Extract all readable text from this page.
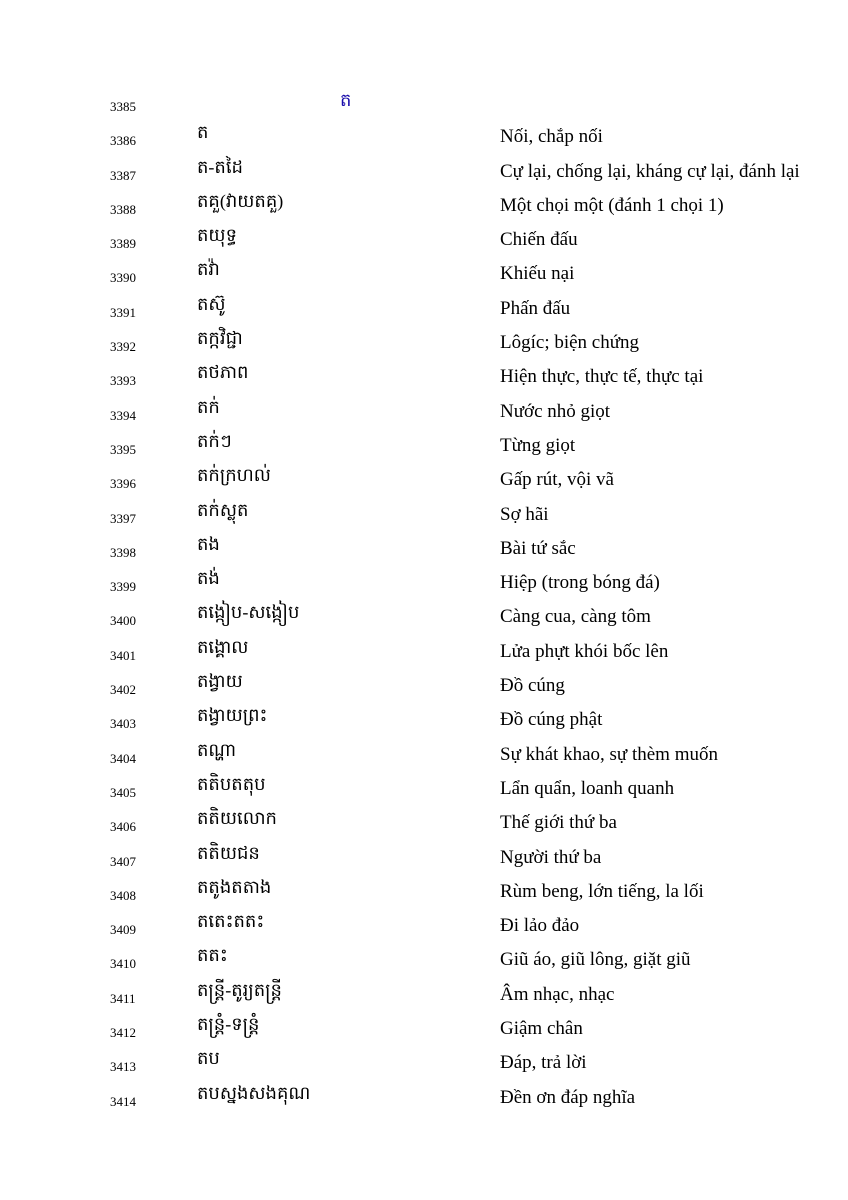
3385	ត
3386	ត	Nối, chắp nối
3387	ត-តដៃ	Cự lại, chống lại, kháng cự lại, đánh lại
3388	តគួ(វាយតគួ)	Một chọi một (đánh 1 chọi 1)
3389	តយុទ្ធ	Chiến đấu
3390	តវ៉ា	Khiếu nại
3391	តស៊ូ	Phấn đấu
3392	តក្កវិជ្ជា	Lôgíc; biện chứng
3393	តថភាព	Hiện thực, thực tế, thực tại
3394	តក់	Nước nhỏ giọt
3395	តក់ៗ	Từng giọt
3396	តក់ក្រហល់	Gấp rút, vội vã
3397	តក់ស្លុត	Sợ hãi
3398	តង	Bài tứ sắc
3399	តង់	Hiệp (trong bóng đá)
3400	តង្កៀប-សង្កៀប	Càng cua, càng tôm
3401	តង្គោល	Lửa phựt khói bốc lên
3402	តង្វាយ	Đồ cúng
3403	តង្វាយព្រះ	Đồ cúng phật
3404	តណ្ហា	Sự khát khao, sự thèm muốn
3405	តតិបតតុប	Lẩn quẩn, loanh quanh
3406	តតិយលោក	Thế giới thứ ba
3407	តតិយជន	Người thứ ba
3408	តតូងតតាង	Rùm beng, lớn tiếng, la lối
3409	តតេះតតះ	Đi lảo đảo
3410	តតះ	Giũ áo, giũ lông, giặt giũ
3411	តន្ត្រី-តូរ្យតន្ត្រី	Âm nhạc, nhạc
3412	តន្ត្រំ-ទន្ត្រំ	Giậm chân
3413	តប	Đáp, trả lời
3414	តបស្នងសងគុណ	Đền ơn đáp nghĩa
